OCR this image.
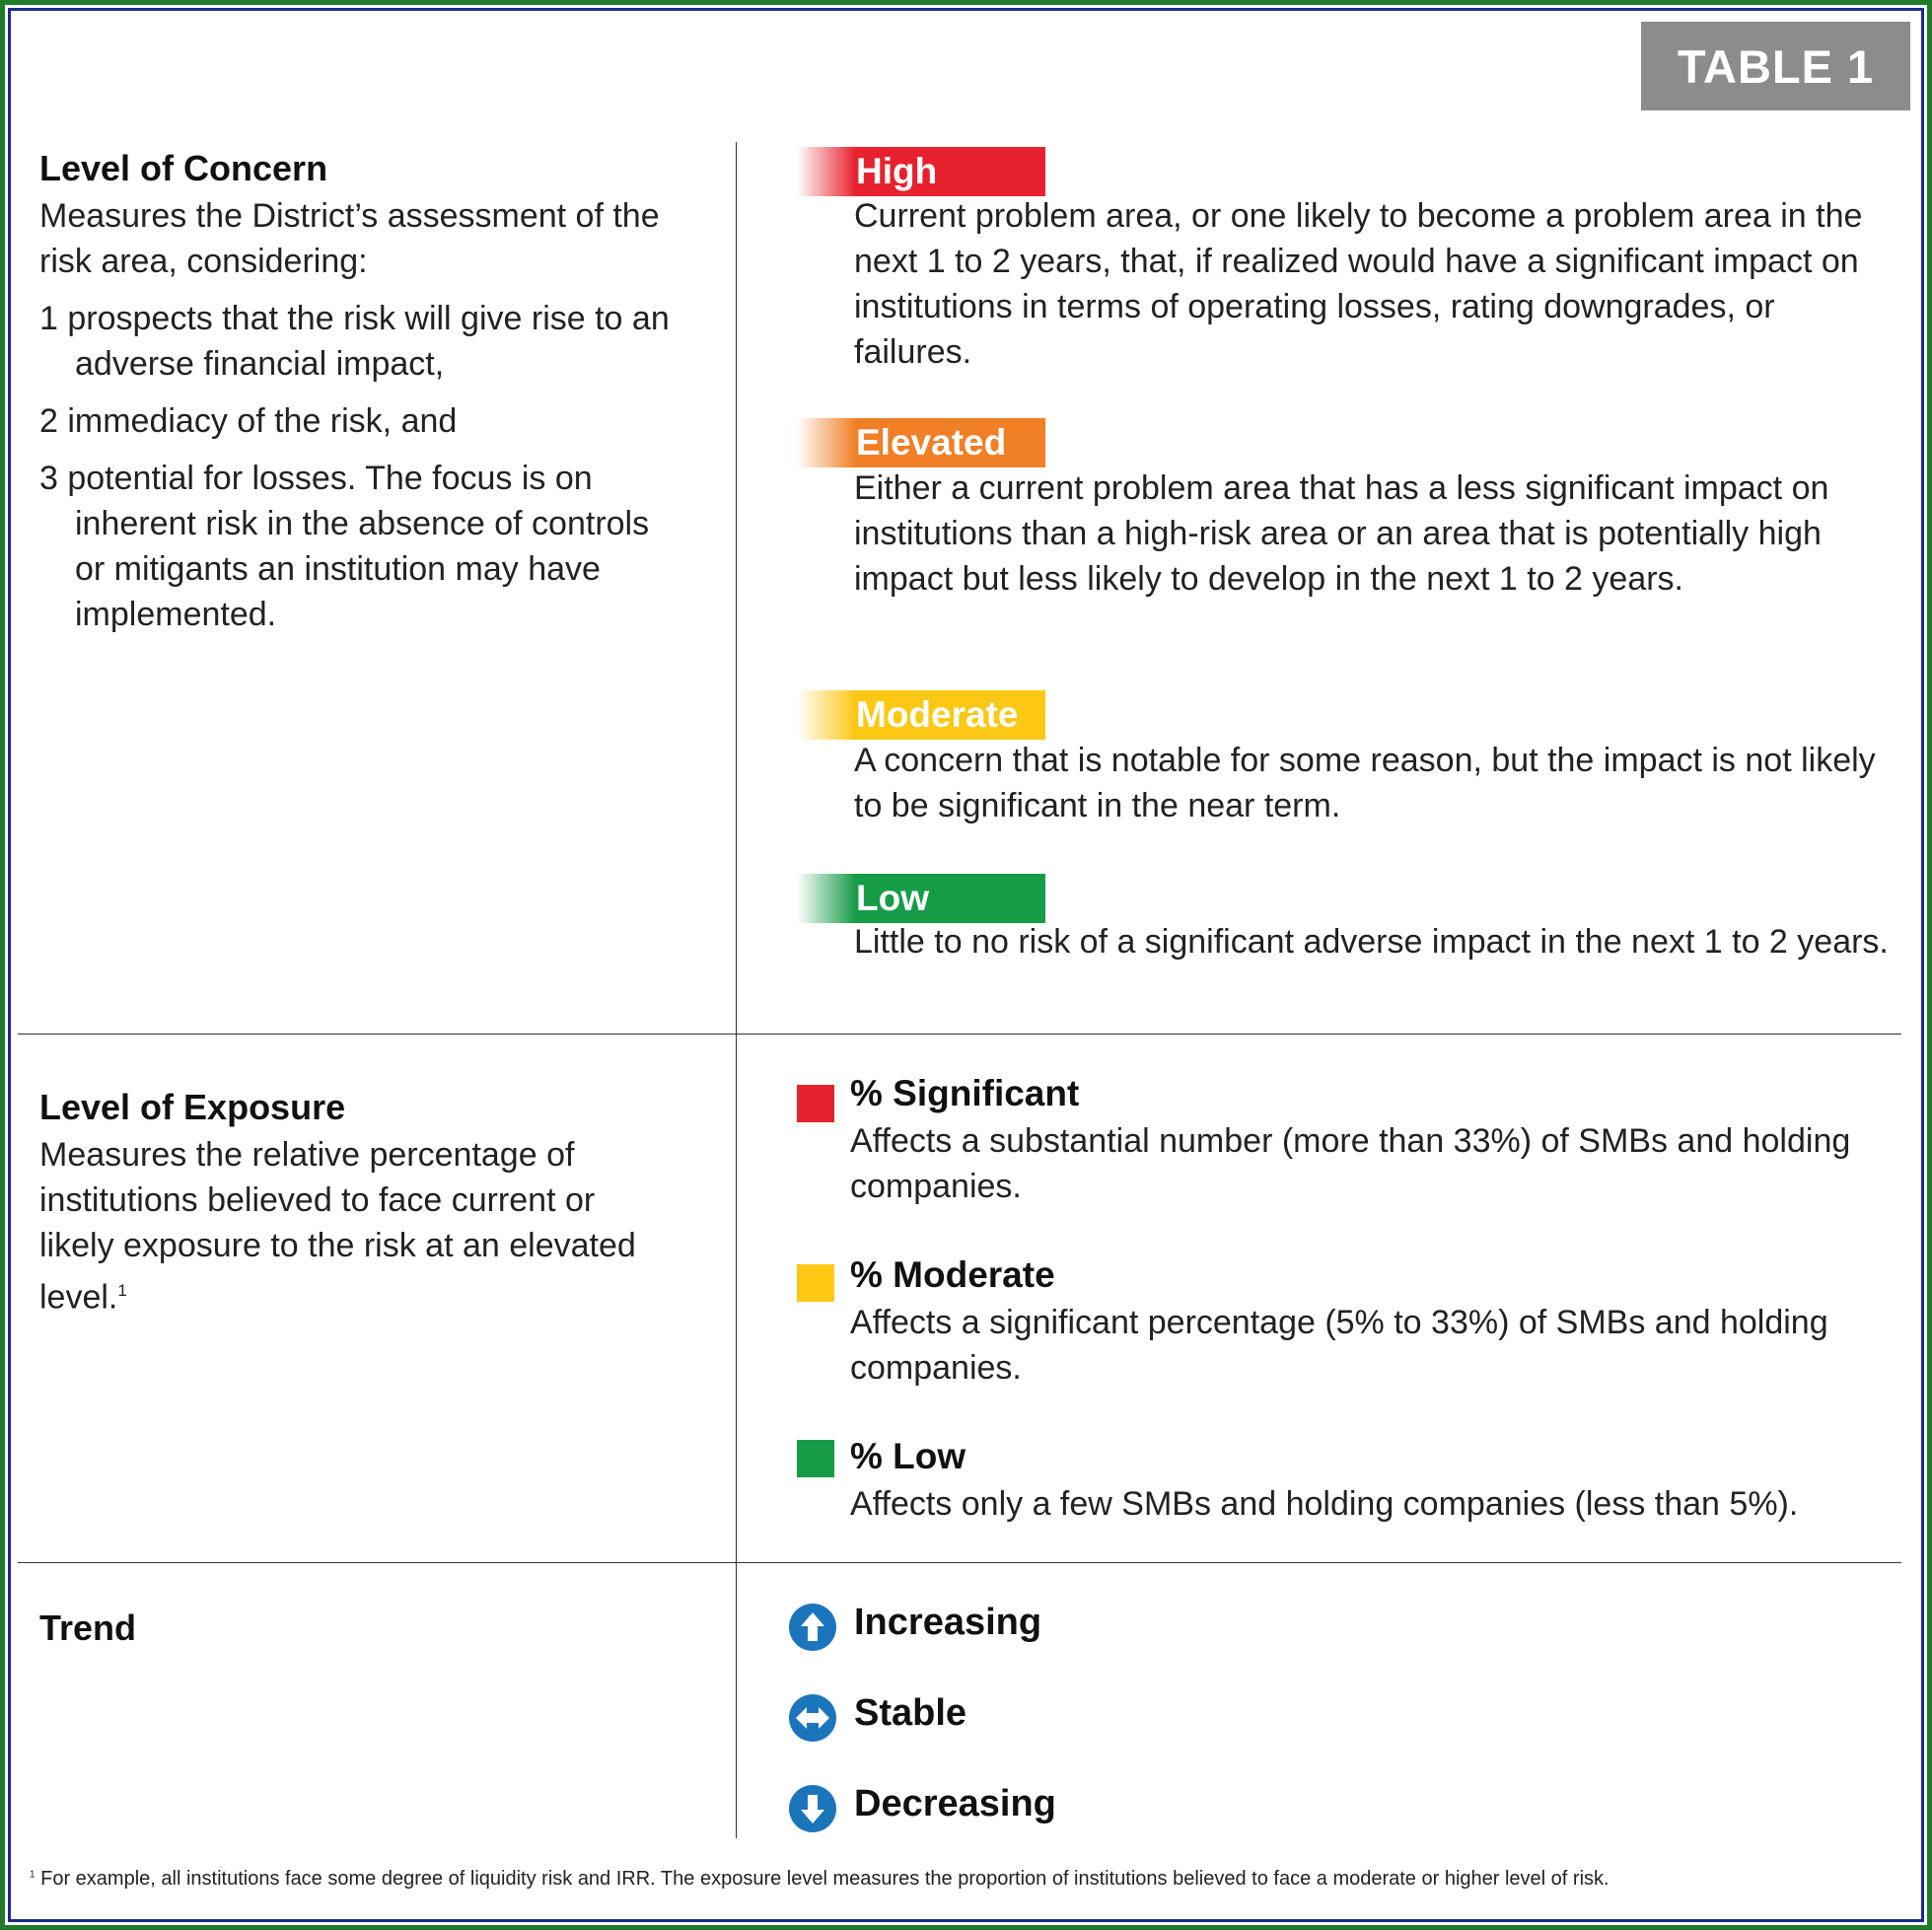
TABLE 1
Level of Concern
Measures the District’s assessment of the risk area, considering:
1 prospects that the risk will give rise to an adverse financial impact,
2 immediacy of the risk, and
3 potential for losses. The focus is on inherent risk in the absence of controls or mitigants an institution may have implemented.
High
Current problem area, or one likely to become a problem area in the next 1 to 2 years, that, if realized would have a significant impact on institutions in terms of operating losses, rating downgrades, or failures.
Elevated
Either a current problem area that has a less significant impact on institutions than a high-risk area or an area that is potentially high impact but less likely to develop in the next 1 to 2 years.
Moderate
A concern that is notable for some reason, but the impact is not likely to be significant in the near term.
Low
Little to no risk of a significant adverse impact in the next 1 to 2 years.
Level of Exposure
Measures the relative percentage of institutions believed to face current or likely exposure to the risk at an elevated level.$^1$
% Significant
Affects a substantial number (more than 33%) of SMBs and holding companies.
% Moderate
Affects a significant percentage (5% to 33%) of SMBs and holding companies.
% Low
Affects only a few SMBs and holding companies (less than 5%).
Trend	Increasing
Stable
Decreasing
$^1$ For example, all institutions face some degree of liquidity risk and IRR. The exposure level measures the proportion of institutions believed to face a moderate or higher level of risk.
